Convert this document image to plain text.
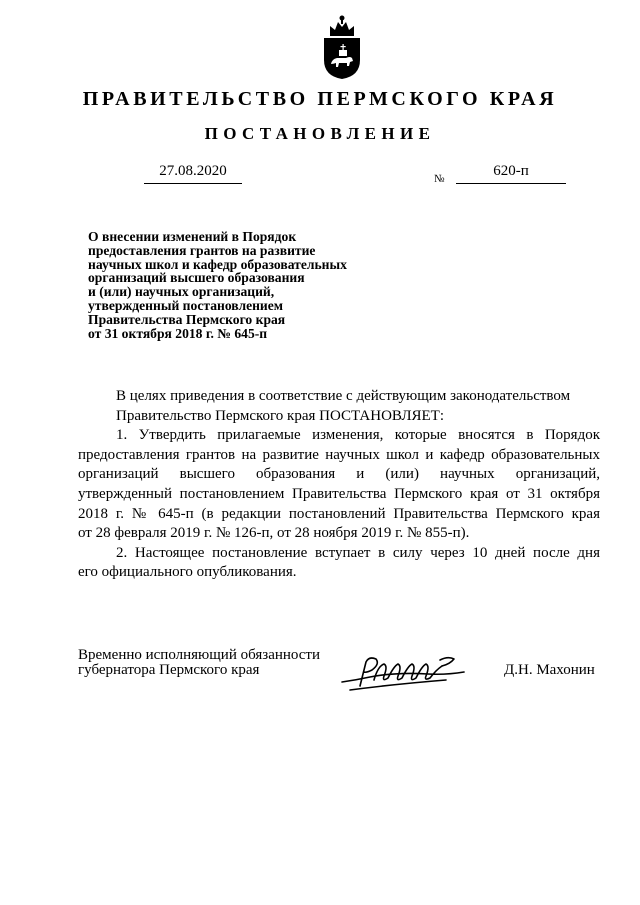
ПРАВИТЕЛЬСТВО ПЕРМСКОГО КРАЯ
ПОСТАНОВЛЕНИЕ
27.08.2020	№	620-п
О внесении изменений в Порядок
предоставления грантов на развитие
научных школ и кафедр образовательных
организаций высшего образования
и (или) научных организаций,
утвержденный постановлением
Правительства Пермского края
от 31 октября 2018 г. № 645-п
В целях приведения в соответствие с действующим законодательством
Правительство Пермского края ПОСТАНОВЛЯЕТ:
1. Утвердить прилагаемые изменения, которые вносятся в Порядок
предоставления грантов на развитие научных школ и кафедр образовательных
организаций высшего образования и (или) научных организаций,
утвержденный постановлением Правительства Пермского края от 31 октября
2018 г. № 645-п (в редакции постановлений Правительства Пермского края
от 28 февраля 2019 г. № 126-п, от 28 ноября 2019 г. № 855-п).
2. Настоящее постановление вступает в силу через 10 дней после дня
его официального опубликования.
Временно исполняющий обязанности
губернатора Пермского края	Д.Н. Махонин
